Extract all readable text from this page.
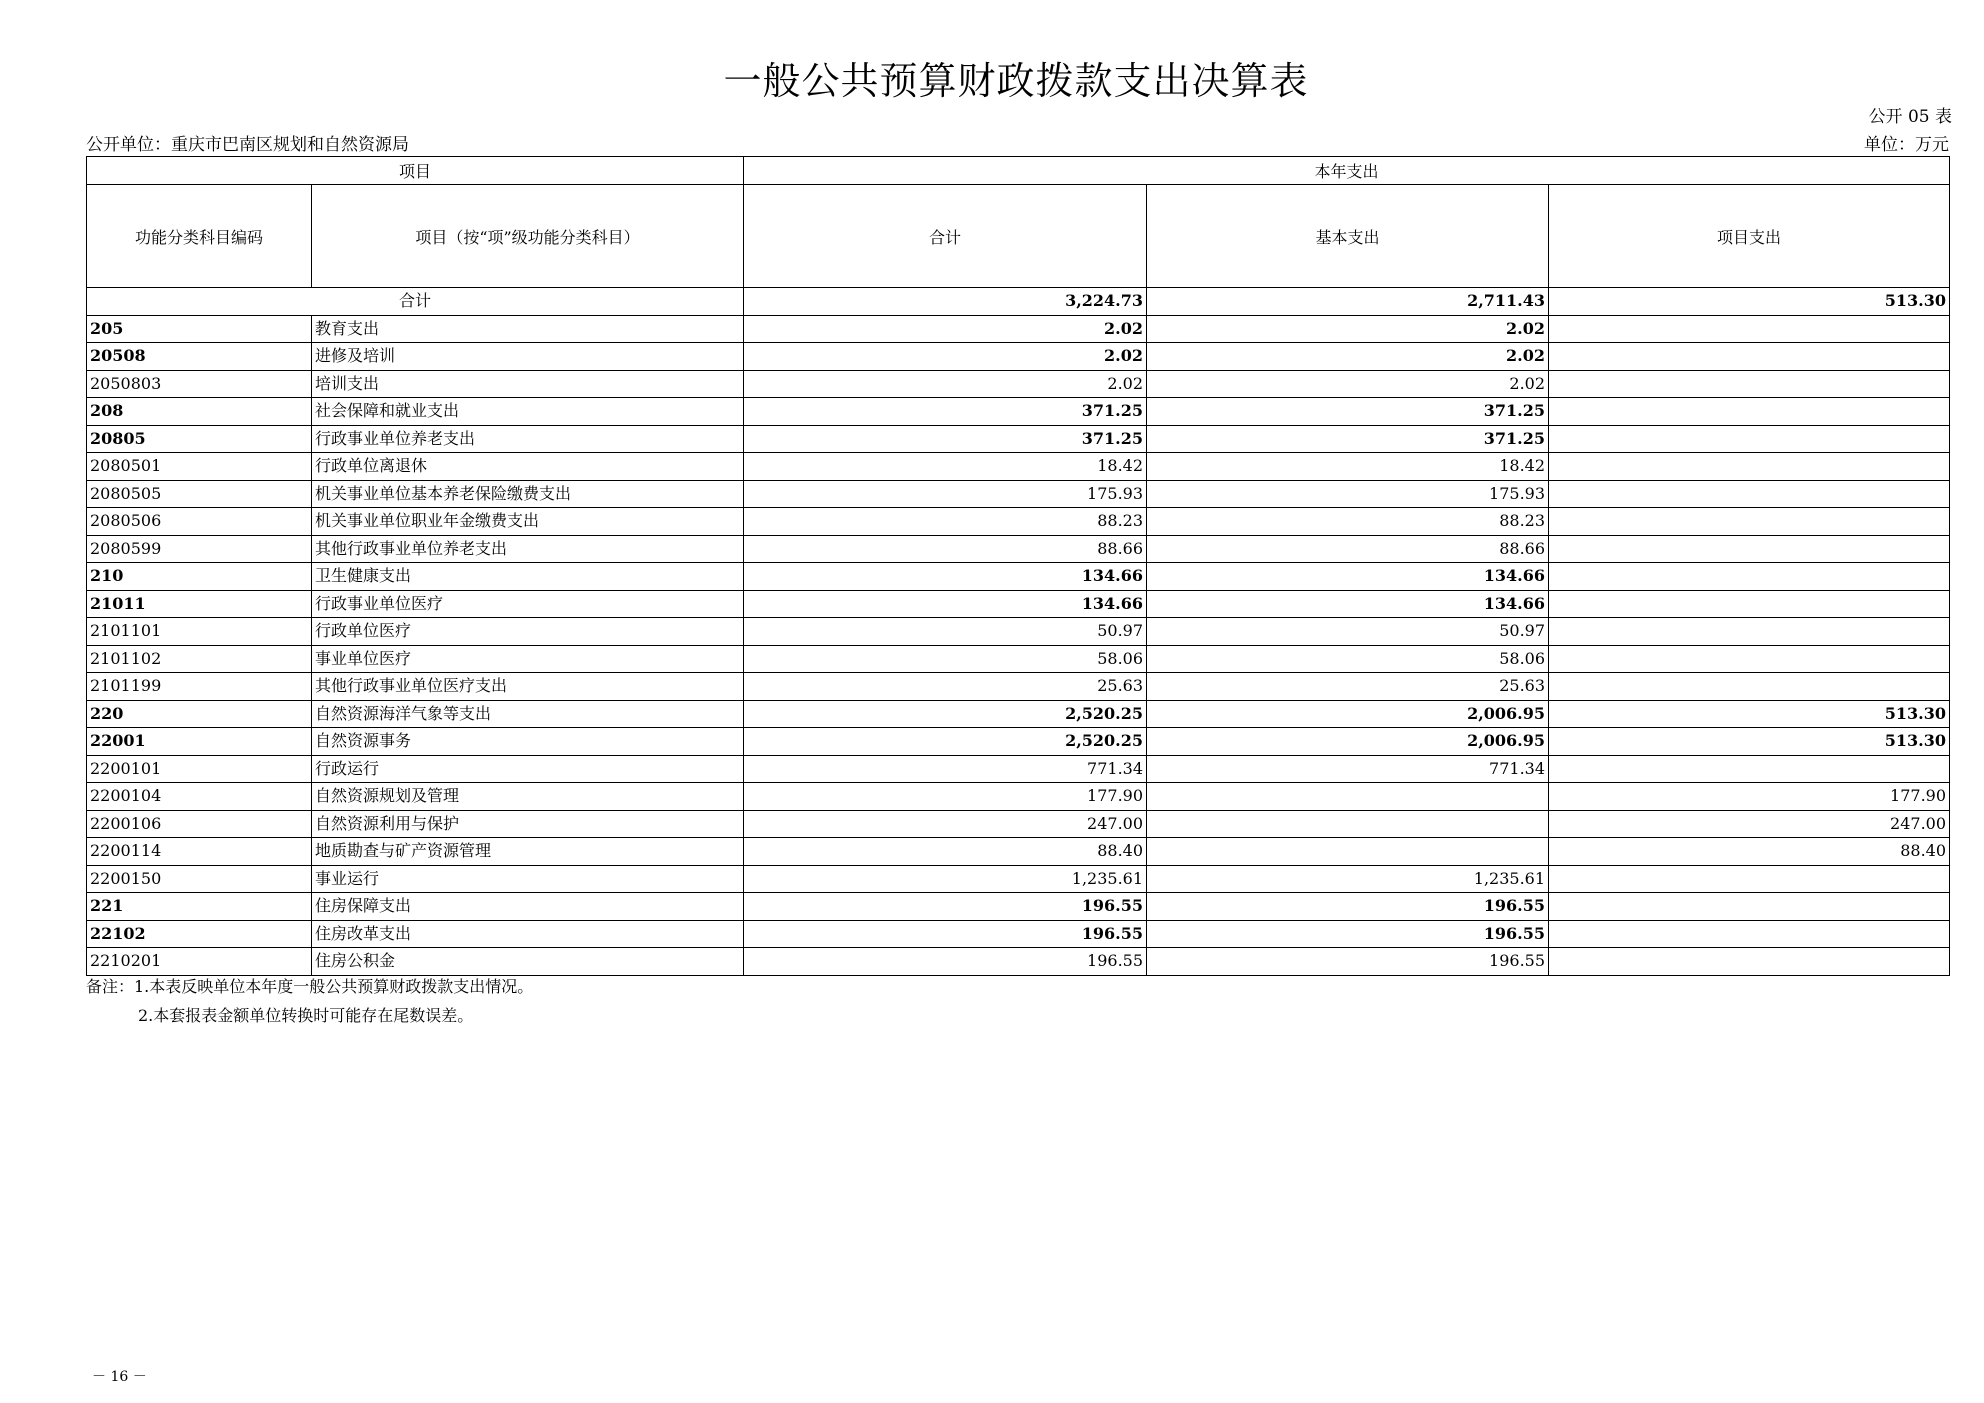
一般公共预算财政拨款支出决算表
公开 05 表
公开单位：重庆市巴南区规划和自然资源局	单位：万元
项目		本年支出		
功能分类科目编码	项目（按“项”级功能分类科目）	合计	基本支出	项目支出
合计		3,224.73	2,711.43	513.30
205	教育支出	2.02	2.02	
20508	进修及培训	2.02	2.02	
2050803	培训支出	2.02	2.02	
208	社会保障和就业支出	371.25	371.25	
20805	行政事业单位养老支出	371.25	371.25	
2080501	行政单位离退休	18.42	18.42	
2080505	机关事业单位基本养老保险缴费支出	175.93	175.93	
2080506	机关事业单位职业年金缴费支出	88.23	88.23	
2080599	其他行政事业单位养老支出	88.66	88.66	
210	卫生健康支出	134.66	134.66	
21011	行政事业单位医疗	134.66	134.66	
2101101	行政单位医疗	50.97	50.97	
2101102	事业单位医疗	58.06	58.06	
2101199	其他行政事业单位医疗支出	25.63	25.63	
220	自然资源海洋气象等支出	2,520.25	2,006.95	513.30
22001	自然资源事务	2,520.25	2,006.95	513.30
2200101	行政运行	771.34	771.34	
2200104	自然资源规划及管理	177.90		177.90
2200106	自然资源利用与保护	247.00		247.00
2200114	地质勘查与矿产资源管理	88.40		88.40
2200150	事业运行	1,235.61	1,235.61	
221	住房保障支出	196.55	196.55	
22102	住房改革支出	196.55	196.55	
2210201	住房公积金	196.55	196.55	
备注：1.本表反映单位本年度一般公共预算财政拨款支出情况。
2.本套报表金额单位转换时可能存在尾数误差。
－ 16 －
